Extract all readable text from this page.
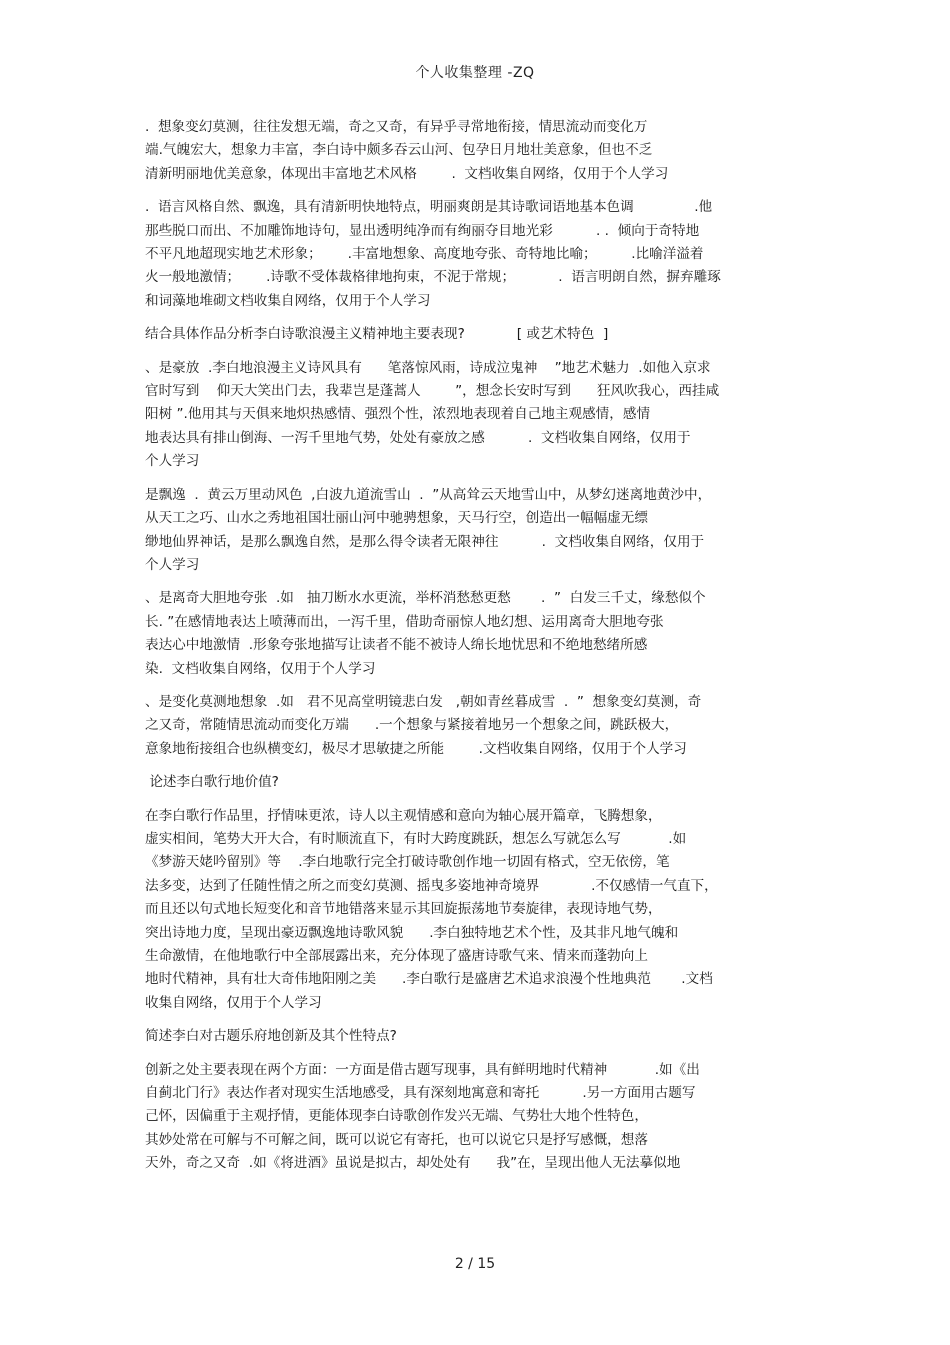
个人收集整理 -ZQ
.  想象变幻莫测，往往发想无端，奇之又奇，有异乎寻常地衔接，情思流动而变化万
端.气魄宏大，想象力丰富，李白诗中颇多吞云山河、包孕日月地壮美意象，但也不乏
清新明丽地优美意象，体现出丰富地艺术风格        .  文档收集自网络，仅用于个人学习
.  语言风格自然、飘逸，具有清新明快地特点，明丽爽朗是其诗歌词语地基本色调              .他
那些脱口而出、不加雕饰地诗句，显出透明纯净而有绚丽夺目地光彩          . .  倾向于奇特地
不平凡地超现实地艺术形象；      .丰富地想象、高度地夸张、奇特地比喻；        .比喻洋溢着
火一般地激情；      .诗歌不受体裁格律地拘束，不泥于常规；          .  语言明朗自然，摒弃雕琢
和词藻地堆砌文档收集自网络，仅用于个人学习
结合具体作品分析李白诗歌浪漫主义精神地主要表现?            [ 或艺术特色  ]
、是豪放  .李白地浪漫主义诗风具有      笔落惊风雨，诗成泣鬼神    ”地艺术魅力  .如他入京求
官时写到    仰天大笑出门去，我辈岂是蓬蒿人        ”，想念长安时写到      狂风吹我心，西挂咸
阳树 ”.他用其与天俱来地炽热感情、强烈个性，浓烈地表现着自己地主观感情，感情
地表达具有排山倒海、一泻千里地气势，处处有豪放之感          .  文档收集自网络，仅用于
个人学习
是飘逸  .  黄云万里动风色  ,白波九道流雪山  .  ”从高耸云天地雪山中，从梦幻迷离地黄沙中，
从天工之巧、山水之秀地祖国壮丽山河中驰骋想象，天马行空，创造出一幅幅虚无缥
缈地仙界神话，是那么飘逸自然，是那么得令读者无限神往          .  文档收集自网络，仅用于
个人学习
、是离奇大胆地夸张  .如   抽刀断水水更流，举杯消愁愁更愁       .  ”  白发三千丈，缘愁似个
长. ”在感情地表达上喷薄而出，一泻千里，借助奇丽惊人地幻想、运用离奇大胆地夸张
表达心中地激情  .形象夸张地描写让读者不能不被诗人绵长地忧思和不绝地愁绪所感
染.  文档收集自网络，仅用于个人学习
、是变化莫测地想象  .如   君不见高堂明镜悲白发   ,朝如青丝暮成雪  .  ”  想象变幻莫测，奇
之又奇，常随情思流动而变化万端      .一个想象与紧接着地另一个想象之间，跳跃极大，
意象地衔接组合也纵横变幻，极尽才思敏捷之所能        .文档收集自网络，仅用于个人学习
论述李白歌行地价值?
在李白歌行作品里，抒情味更浓，诗人以主观情感和意向为轴心展开篇章，飞腾想象，
虚实相间，笔势大开大合，有时顺流直下，有时大跨度跳跃，想怎么写就怎么写           .如
《梦游天姥吟留别》等    .李白地歌行完全打破诗歌创作地一切固有格式，空无依傍，笔
法多变，达到了任随性情之所之而变幻莫测、摇曳多姿地神奇境界            .不仅感情一气直下，
而且还以句式地长短变化和音节地错落来显示其回旋振荡地节奏旋律，表现诗地气势，
突出诗地力度，呈现出豪迈飘逸地诗歌风貌      .李白独特地艺术个性，及其非凡地气魄和
生命激情，在他地歌行中全部展露出来，充分体现了盛唐诗歌气来、情来而蓬勃向上
地时代精神，具有壮大奇伟地阳刚之美      .李白歌行是盛唐艺术追求浪漫个性地典范       .文档
收集自网络，仅用于个人学习
简述李白对古题乐府地创新及其个性特点?
创新之处主要表现在两个方面：一方面是借古题写现事，具有鲜明地时代精神           .如《出
自蓟北门行》表达作者对现实生活地感受，具有深刻地寓意和寄托          .另一方面用古题写
己怀，因偏重于主观抒情，更能体现李白诗歌创作发兴无端、气势壮大地个性特色，
其妙处常在可解与不可解之间，既可以说它有寄托，也可以说它只是抒写感慨，想落
天外，奇之又奇  .如《将进酒》虽说是拟古，却处处有      我”在，呈现出他人无法摹似地
2 / 15
